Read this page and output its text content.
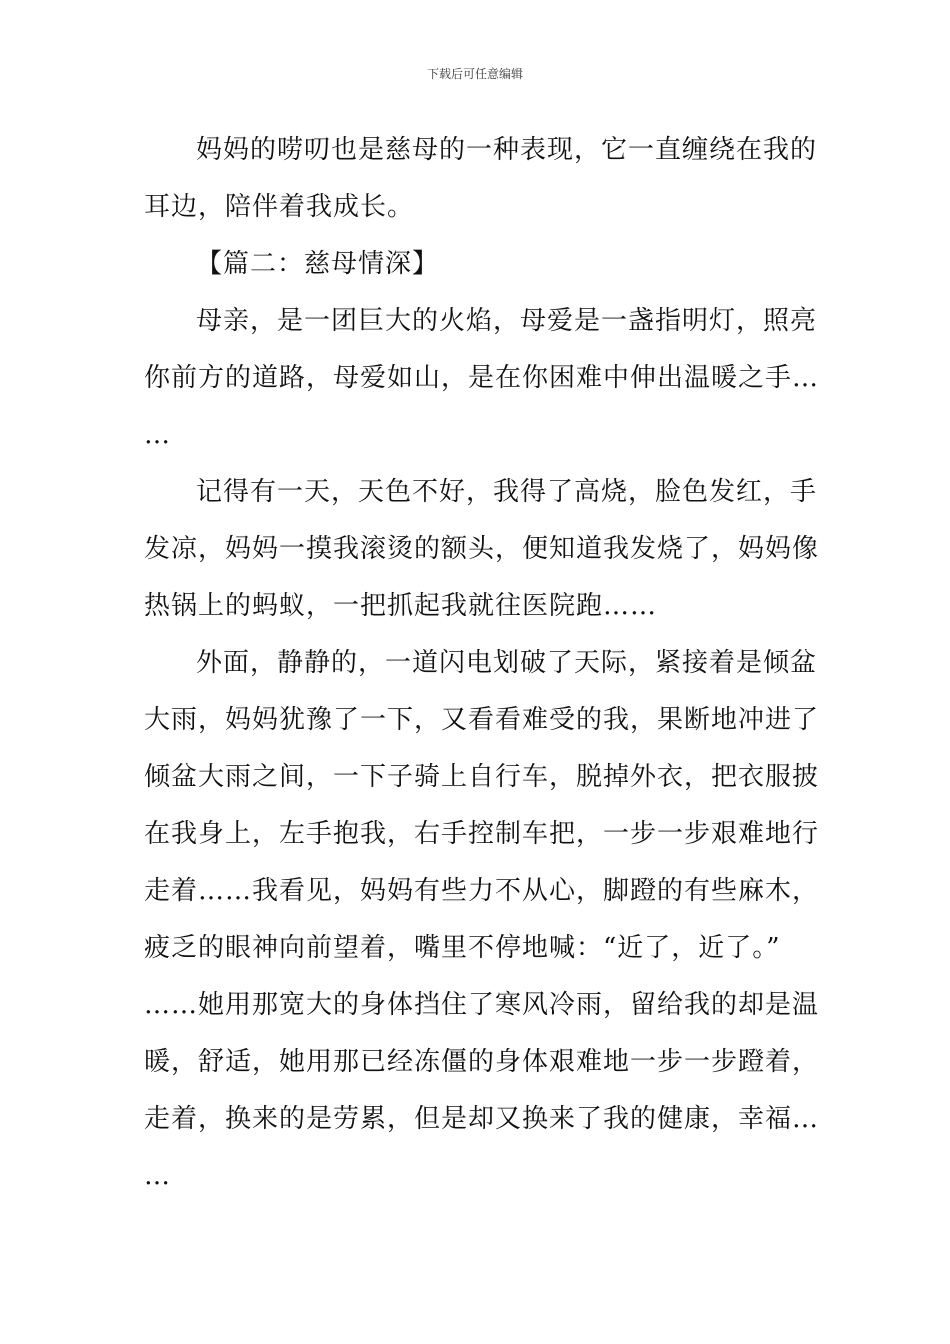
下载后可任意编辑

妈妈的唠叨也是慈母的一种表现，它一直缠绕在我的
耳边，陪伴着我成长。

【篇二：慈母情深】

母亲，是一团巨大的火焰，母爱是一盏指明灯，照亮
你前方的道路，母爱如山，是在你困难中伸出温暖之手…
…

记得有一天，天色不好，我得了高烧，脸色发红，手
发凉，妈妈一摸我滚烫的额头，便知道我发烧了，妈妈像
热锅上的蚂蚁，一把抓起我就往医院跑……

外面，静静的，一道闪电划破了天际，紧接着是倾盆
大雨，妈妈犹豫了一下，又看看难受的我，果断地冲进了
倾盆大雨之间，一下子骑上自行车，脱掉外衣，把衣服披
在我身上，左手抱我，右手控制车把，一步一步艰难地行
走着……我看见，妈妈有些力不从心，脚蹬的有些麻木，
疲乏的眼神向前望着，嘴里不停地喊：“近了，近了。”
……她用那宽大的身体挡住了寒风冷雨，留给我的却是温
暖，舒适，她用那已经冻僵的身体艰难地一步一步蹬着，
走着，换来的是劳累，但是却又换来了我的健康，幸福…
…
